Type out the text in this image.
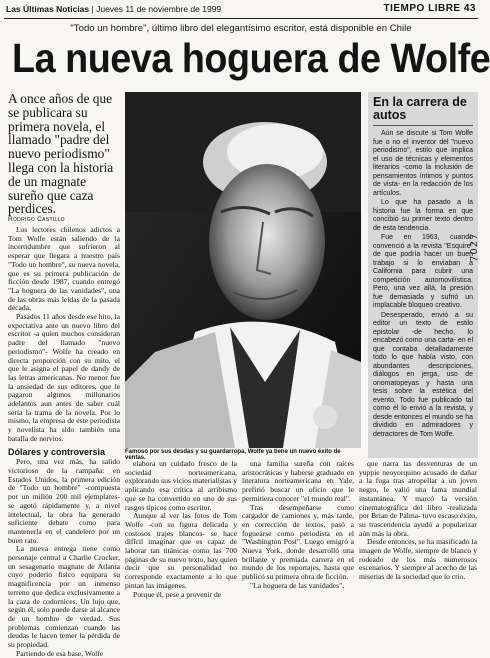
Las Últimas Noticias | Jueves 11 de noviembre de 1999	TIEMPO LIBRE 43
"Todo un hombre", último libro del elegantísimo escritor, está disponible en Chile
La nueva hoguera de Wolfe
A once años de que se publicara su primera novela, el llamado "padre del nuevo periodismo" llega con la historia de un magnate sureño que caza perdices.
Rodrigo Castillo

Los lectores chilenos adictos a Tom Wolfe están saliendo de la incertidumbre que sufrieron al esperar que llegara a nuestro país "Todo un hombre", su nueva novela, que es su primera publicación de ficción desde 1987, cuando entregó "La hoguera de las vanidades", una de las obras más leídas de la pasada década.

Pasados 11 años desde ese hito, la expectativa ante un nuevo libro del escritor -a quien muchos consideran padre del llamado "nuevo periodismo"- Wolfe ha creado en directa proporción con su mito, el que le asigna el papel de dandy de las letras americanas. No menor fue la ansiedad de sus editores, que le pagaron algunos millonarios adelantos aun antes de saber cuál sería la trama de la novela. Por lo mismo, la empresa de este periodista y novelista ha sido también una batalla de nervios.

Dólares y controversia

Pero, una vez más, ha salido victorioso de la campaña: en Estados Unidos, la primera edición de "Todo un hombre" -compuesta por un millón 200 mil ejemplares- se agotó rápidamente y, a nivel intelectual, la obra ha generado suficiente debate como para mantenerla en el candelero por un buen rato.

La nueva entrega tiene como personaje central a Charlie Crocker, un sesagenario magnate de Atlanta cuyo poderío fisico equipara su magnificencia por un inmenso terreno que dedica exclusivamente a la caza de codornices. Un lujo que, según él, solo puede darse al alcance de un hombre de verdad. Sus problemas comienzan cuando las deudas le hacen temer la pérdida de su propiedad.

Partiendo de esa base, Wolfe

Famoso por sus desdas y su guardarropa, Wolfe ya tiene un nuevo éxito de ventas.

elabora un cuidado fresco de la sociedad norteamericana, explorando sus vicios materialistas y aplicando esa crítica al arribismo que se ha convertido en uno de sus rasgos típicos como escritor.

Aunque al ver las fotos de Tom Wolfe -con su figura delicada y costosos trajes blancos- se hace difícil imaginar que es capaz de laborar tan titánicas como las 700 páginas de su nuevo texto, hay quien decir que su personalidad no corresponde exactamente a lo que pintan las imágenes.

Porque él, pese a provenir de

una familia sureña con raíces aristocráticas y haberse graduado en literatura norteamericana en Yale, prefirió buscar un oficio que le permitiera conocer "el mundo real".

Tras desempeñarse como cargador de camiones y, más tarde, en corrección de textos, pasó a fogueárse como periodista en el "Washington Post". Luego emigró a Nueva York, donde desarrolló una brillante y premiada carrera en el mundo de los reportajes, hasta que publicó su primera obra de ficción.

"La hoguera de las vanidades",

que narra las desventuras de un yuppie neoyorquino acusado de dañar a la fuga tras atropellar a un joven negro, le valió una fama mundial instantánea. Y marcó la versión cinematográfica del libro -realizada por Brian de Palma- tuvo escaso éxito, su trascendencia ayudó a popularizar aún más la obra.

Desde entonces, se ha masificado la imagen de Wolfe, siempre de blanco y rodeado de los más numerosos escenarios. Y siempre al acecho de las miserias de la sociedad que lo crio.

En la carrera de autos

Aún se discute si Tom Wolfe fue o no el inventor del "nuevo periodismo", estilo que implica el uso de técnicas y elementos literarios -como la inclusión de pensamientos íntimos y puntos de vista- en la redacción de los artículos.

Lo que ha pasado a la historia fue la forma en que concibió su primer texto dentro de esta tendencia.

Fue en 1963, cuando convenció a la revista "Esquire" de que podría hacer un buen trabajo si lo enviaban a California para cubrir una competición automovilística. Pero, una vez allá, la presión fue demasiada y sufrió un implacable bloqueo creativo.

Desesperado, envió a su editor un texto de estilo epistolar -de hecho, lo encabezó como una carta- en el que contaba detalladamente todo lo que había visto, con abundantes descripciones, diálogos en jerga, uso de onomatopeyas y hasta una tesis sobre la estética del evento. Todo fue publicado tal como él lo envió a la revista, y desde entonces el mundo se ha dividido en admiradores y detractores de Tom Wolfe.

7027
